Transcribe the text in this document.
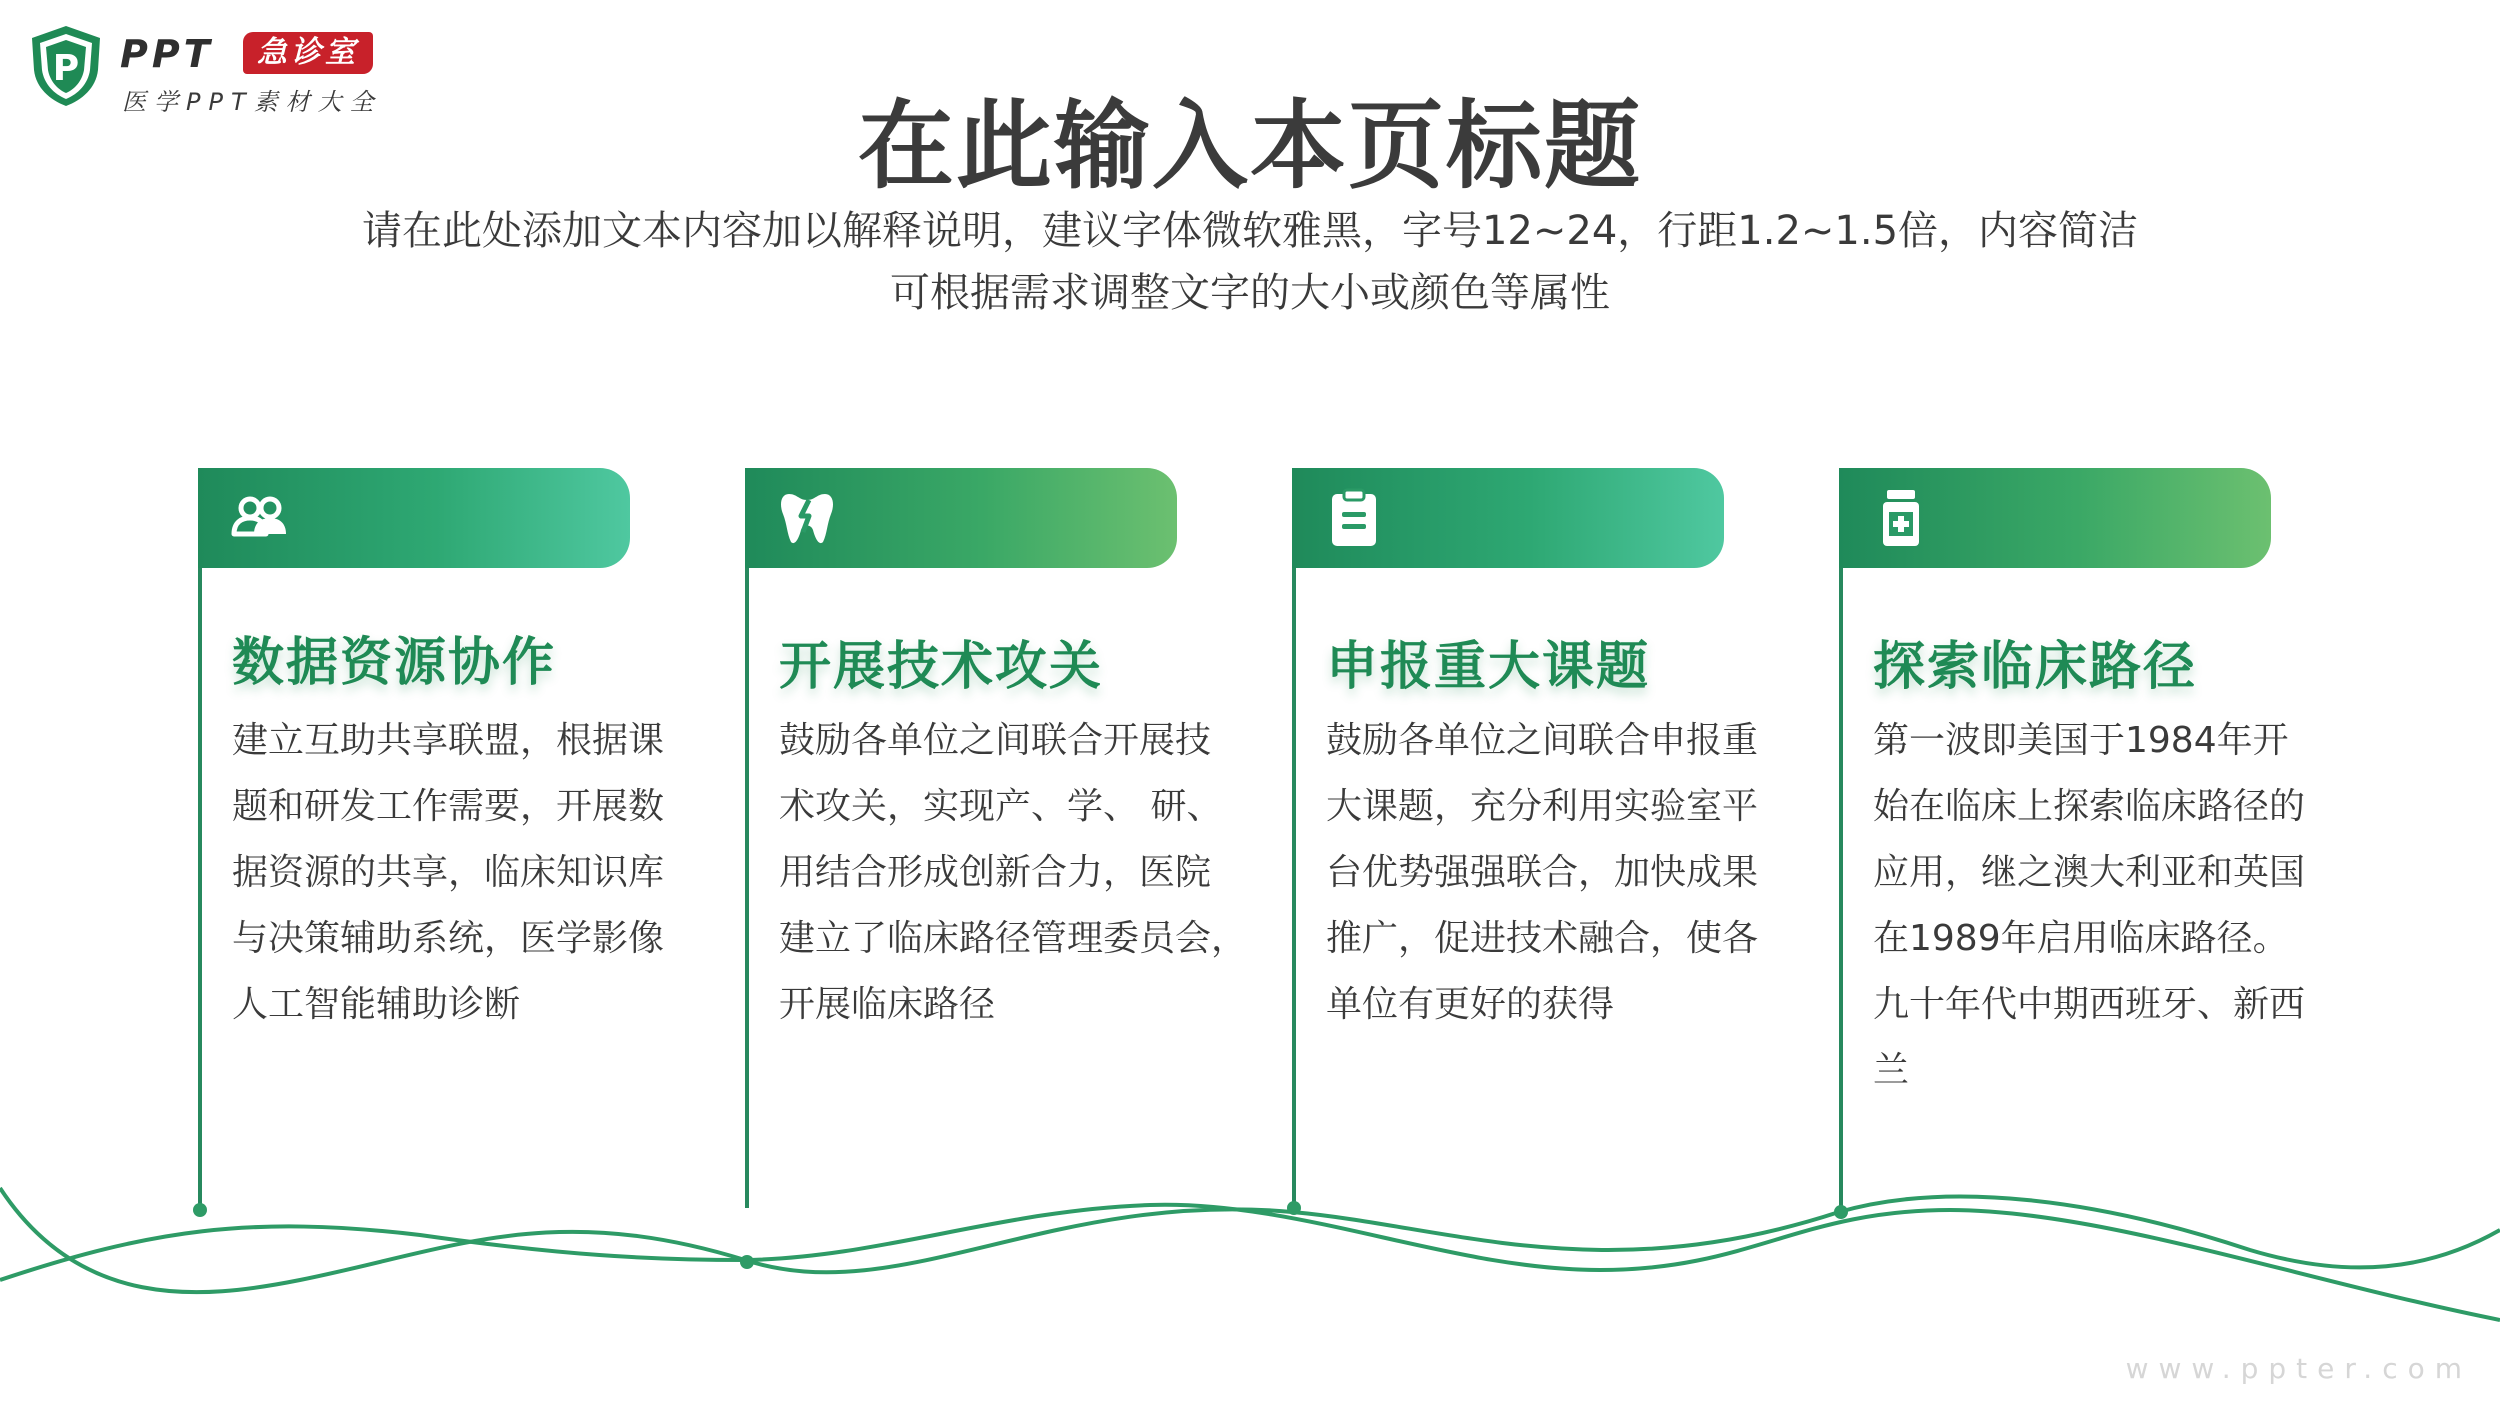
P PPT	急诊室
医学PPT素材大全	在此输入本页标题
请在此处添加文本内容加以解释说明，建议字体微软雅黑，字号12~24，行距1.2~1.5倍，内容简洁
可根据需求调整文字的大小或颜色等属性
数据资源协作
建立互助共享联盟，根据课
题和研发工作需要，开展数
据资源的共享，临床知识库
与决策辅助系统，医学影像
人工智能辅助诊断
开展技术攻关
鼓励各单位之间联合开展技
术攻关，实现产、学、 研、
用结合形成创新合力，医院
建立了临床路径管理委员会，
开展临床路径
申报重大课题
鼓励各单位之间联合申报重
大课题，充分利用实验室平
台优势强强联合，加快成果
推广，促进技术融合，使各
单位有更好的获得
探索临床路径
第一波即美国于1984年开
始在临床上探索临床路径的
应用，继之澳大利亚和英国
在1989年启用临床路径。
九十年代中期西班牙、新西
兰
www.ppter.com
